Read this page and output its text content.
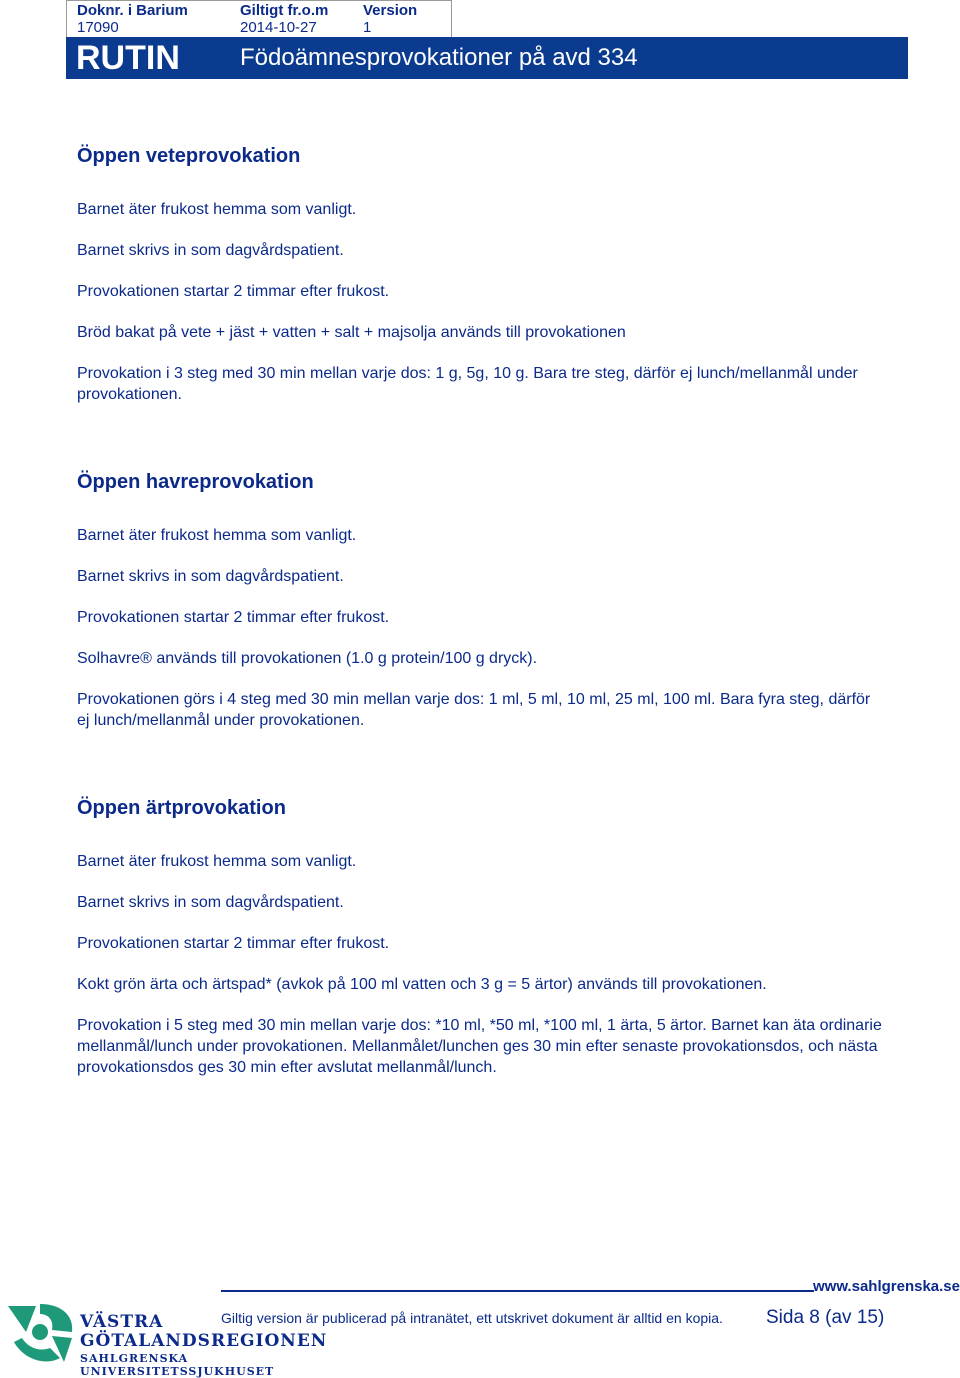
Doknr. i Barium
17090
Giltigt fr.o.m
2014-10-27
Version
1
RUTIN	Födoämnesprovokationer på avd 334
Öppen veteprovokation

Barnet äter frukost hemma som vanligt.

Barnet skrivs in som dagvårdspatient.

Provokationen startar 2 timmar efter frukost.

Bröd bakat på vete + jäst + vatten + salt + majsolja används till provokationen

Provokation i 3 steg med 30 min mellan varje dos: 1 g, 5g, 10 g. Bara tre steg, därför ej lunch/mellanmål under provokationen.

Öppen havreprovokation

Barnet äter frukost hemma som vanligt.

Barnet skrivs in som dagvårdspatient.

Provokationen startar 2 timmar efter frukost.

Solhavre® används till provokationen (1.0 g protein/100 g dryck).

Provokationen görs i 4 steg med 30 min mellan varje dos: 1 ml, 5 ml, 10 ml, 25 ml, 100 ml. Bara fyra steg, därför ej lunch/mellanmål under provokationen.

Öppen ärtprovokation

Barnet äter frukost hemma som vanligt.

Barnet skrivs in som dagvårdspatient.

Provokationen startar 2 timmar efter frukost.

Kokt grön ärta och ärtspad* (avkok på 100 ml vatten och 3 g = 5 ärtor) används till provokationen.

Provokation i 5 steg med 30 min mellan varje dos: *10 ml, *50 ml, *100 ml, 1 ärta, 5 ärtor. Barnet kan äta ordinarie mellanmål/lunch under provokationen. Mellanmålet/lunchen ges 30 min efter senaste provokationsdos, och nästa provokationsdos ges 30 min efter avslutat mellanmål/lunch.

www.sahlgrenska.se
Giltig version är publicerad på intranätet, ett utskrivet dokument är alltid en kopia. Sida 8 (av 15)
VÄSTRA
GÖTALANDSREGIONEN
SAHLGRENSKA UNIVERSITETSSJUKHUSET
